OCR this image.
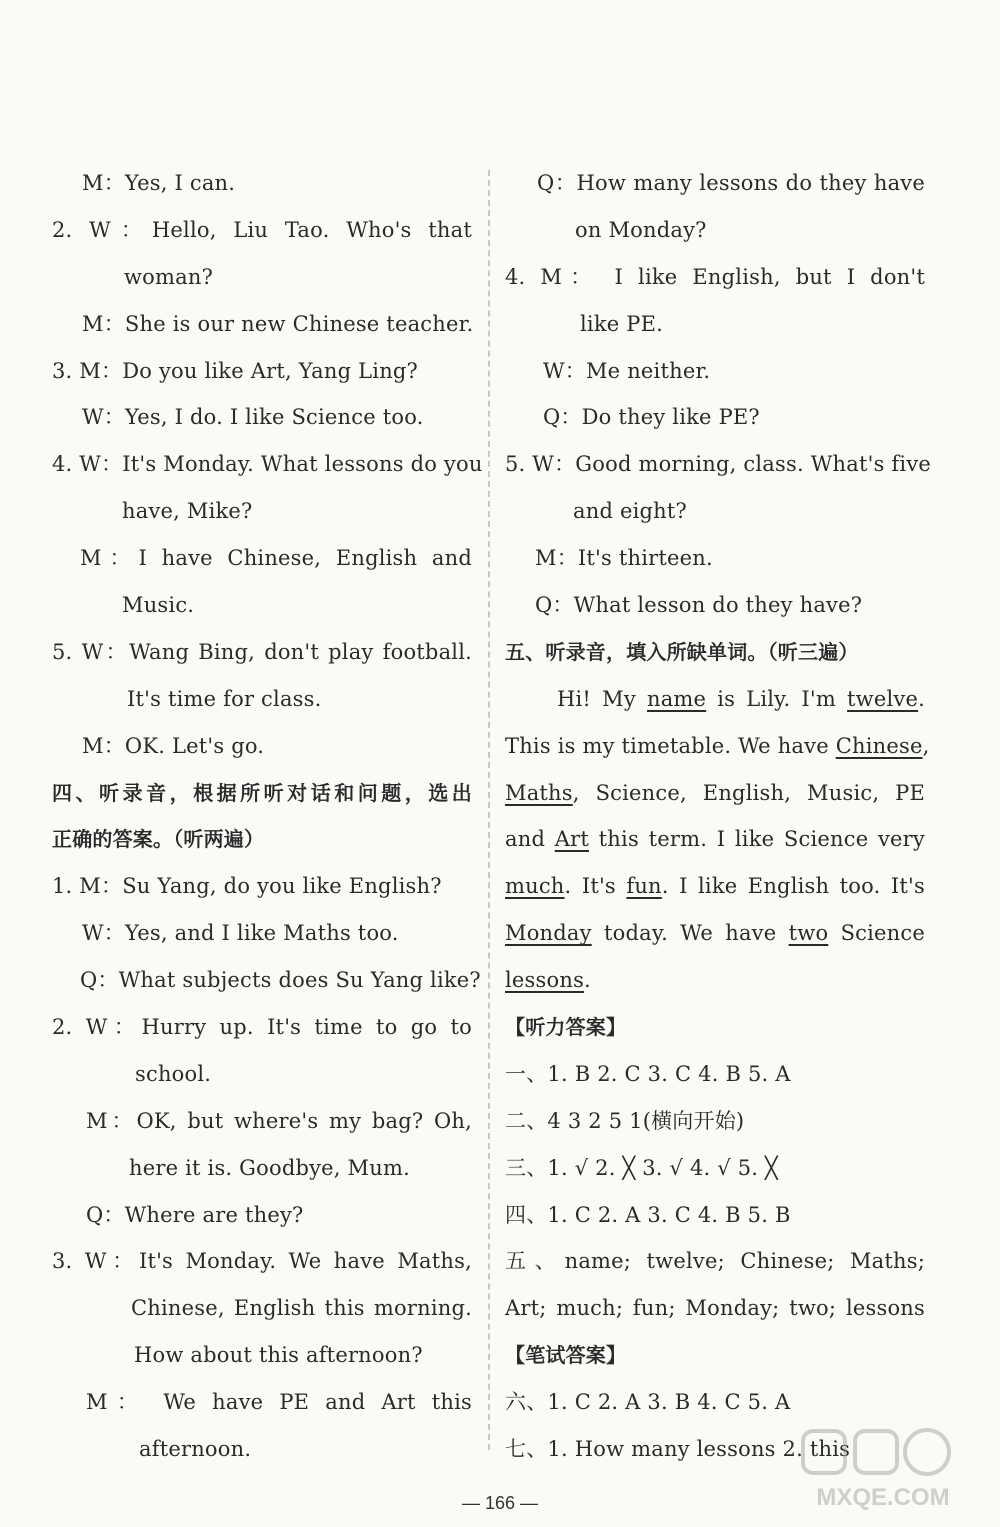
M：Yes, I can.
2. W：Hello, Liu Tao. Who's that
woman?
M：She is our new Chinese teacher.
3. M：Do you like Art, Yang Ling?
W：Yes, I do. I like Science too.
4. W：It's Monday. What lessons do you
have, Mike?
M：I have Chinese, English and
Music.
5. W：Wang Bing, don't play football.
It's time for class.
M：OK. Let's go.
四、听录音，根据所听对话和问题，选出
正确的答案。（听两遍）
1. M：Su Yang, do you like English?
W：Yes, and I like Maths too.
Q：What subjects does Su Yang like?
2. W：Hurry up. It's time to go to
school.
M：OK, but where's my bag? Oh,
here it is. Goodbye, Mum.
Q：Where are they?
3. W：It's Monday. We have Maths,
Chinese, English this morning.
How about this afternoon?
M： We have PE and Art this
afternoon.
Q：How many lessons do they have
on Monday?
4. M： I like English, but I don't
like PE.
W：Me neither.
Q：Do they like PE?
5. W：Good morning, class. What's five
and eight?
M：It's thirteen.
Q：What lesson do they have?
五、听录音，填入所缺单词。（听三遍）
Hi! My name is Lily. I'm twelve.
This is my timetable. We have Chinese,
Maths, Science, English, Music, PE
and Art this term. I like Science very
much. It's fun. I like English too. It's
Monday today. We have two Science
lessons.
【听力答案】
一、1. B 2. C 3. C 4. B 5. A
二、4 3 2 5 1(横向开始)
三、1. √ 2. ╳ 3. √ 4. √ 5. ╳
四、1. C 2. A 3. C 4. B 5. B
五、name; twelve; Chinese; Maths;
Art; much; fun; Monday; two; lessons
【笔试答案】
六、1. C 2. A 3. B 4. C 5. A
七、1. How many lessons 2. this
— 166 —	MXQE.COM
